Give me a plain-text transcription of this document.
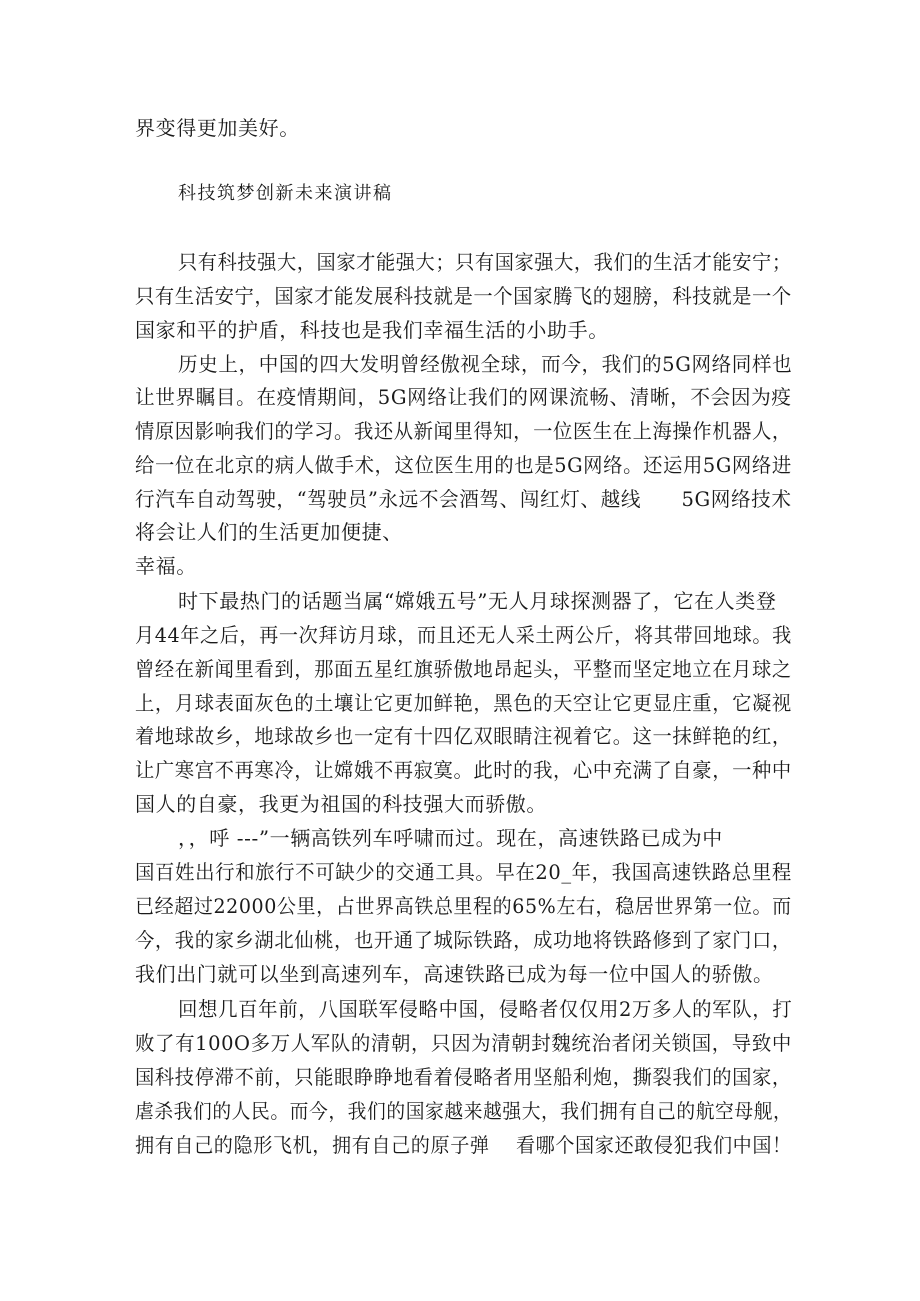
界变得更加美好。
科技筑梦创新未来演讲稿
只有科技强大，国家才能强大；只有国家强大，我们的生活才能安宁；
只有生活安宁，国家才能发展科技就是一个国家腾飞的翅膀，科技就是一个
国家和平的护盾，科技也是我们幸福生活的小助手。
历史上，中国的四大发明曾经傲视全球，而今，我们的5G网络同样也
让世界瞩目。在疫情期间，5G网络让我们的网课流畅、清晰，不会因为疫
情原因影响我们的学习。我还从新闻里得知，一位医生在上海操作机器人，
给一位在北京的病人做手术，这位医生用的也是5G网络。还运用5G网络进
行汽车自动驾驶，“驾驶员”永远不会酒驾、闯红灯、越线　　5G网络技术
将会让人们的生活更加便捷、
幸福。
时下最热门的话题当属“嫦娥五号”无人月球探测器了，它在人类登
月44年之后，再一次拜访月球，而且还无人采土两公斤，将其带回地球。我
曾经在新闻里看到，那面五星红旗骄傲地昂起头，平整而坚定地立在月球之
上，月球表面灰色的土壤让它更加鲜艳，黑色的天空让它更显庄重，它凝视
着地球故乡，地球故乡也一定有十四亿双眼睛注视着它。这一抹鲜艳的红，
让广寒宫不再寒冷，让嫦娥不再寂寞。此时的我，心中充满了自豪，一种中
国人的自豪，我更为祖国的科技强大而骄傲。
，，呼 ---”一辆高铁列车呼啸而过。现在，高速铁路已成为中
国百姓出行和旅行不可缺少的交通工具。早在20_年，我国高速铁路总里程
已经超过22000公里，占世界高铁总里程的65%左右，稳居世界第一位。而
今，我的家乡湖北仙桃，也开通了城际铁路，成功地将铁路修到了家门口，
我们出门就可以坐到高速列车，高速铁路已成为每一位中国人的骄傲。
回想几百年前，八国联军侵略中国，侵略者仅仅用2万多人的军队，打
败了有100O多万人军队的清朝，只因为清朝封魏统治者闭关锁国，导致中
国科技停滞不前，只能眼睁睁地看着侵略者用坚船利炮，撕裂我们的国家，
虐杀我们的人民。而今，我们的国家越来越强大，我们拥有自己的航空母舰，
拥有自己的隐形飞机，拥有自己的原子弹　 看哪个国家还敢侵犯我们中国！
